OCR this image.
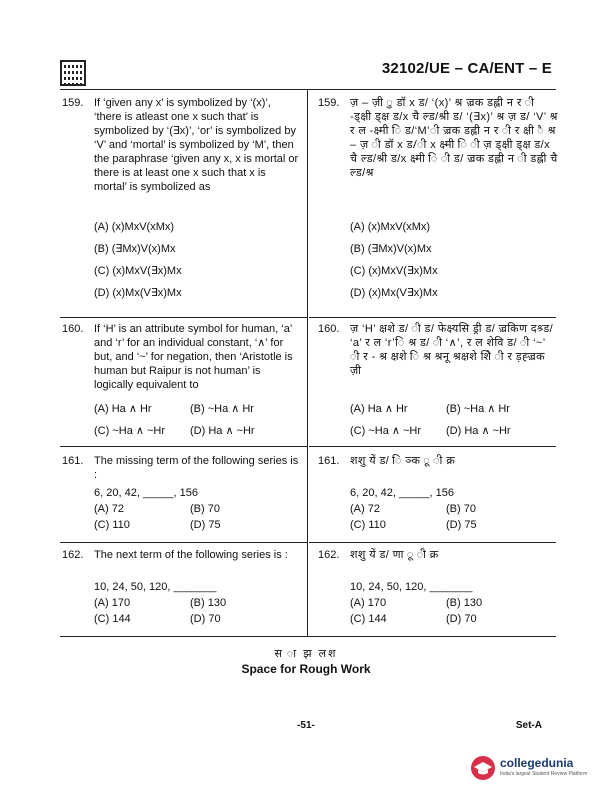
32102/UE – CA/ENT – E
159. If ‘given any x’ is symbolized by ‘(x)’, ‘there is atleast one x such that’ is symbolized by ‘(∃x)’, ‘or’ is symbolized by ‘V’ and ‘mortal’ is symbolized by ‘M’, then the paraphrase ‘given any x, x is mortal or there is at least one x such that x is mortal’ is symbolized as
(A) (x)MxV(xMx)
(B) (∃Mx)V(x)Mx
(C) (x)MxV(∃x)Mx
(D) (x)Mx(V∃x)Mx
159. ज़ – ज़ी ु डॉ x ड/ ‘(x)’ श्र ज़्रक डह्ली न र ी ‑ड्क्षी ड्क्ष ड/x चै ल्ड/श्री ड/ ‘(∃x)’ श्र ज़ ड/ ‘V’ श्र र ल ‑क्ष्मी ि ड/‘M’ी ज़्रक डह्ली न र ी र क्षी ै श्र – ज़ ी डॉ x ड/ी x क्ष्मी ि ी ज़ ड्क्षी ड्क्ष ड/x चै ल्ड/श्री ड/x क्ष्मी ि ी ड/ ज़्रक डह्ली न ी डह्ली चै ल्ड/श्र
(A) (x)MxV(xMx)
(B) (∃Mx)V(x)Mx
(C) (x)MxV(∃x)Mx
(D) (x)Mx(V∃x)Mx
160. If ‘H’ is an attribute symbol for human, ‘a’ and ‘r’ for an individual constant, ‘∧’ for but, and ‘~’ for negation, then ‘Aristotle is human but Raipur is not human’ is logically equivalent to
(A) Ha ∧ Hr	(B) ~Ha ∧ Hr
(C) ~Ha ∧ ~Hr (D) Ha ∧ ~Hr
160. ज़ ‘H’ क्षशे ड/ ी ड/ फेक्ष्यसि ड्री ड/ ज़्रकिण दश्र्ड/ ‘a’ र ल ‘r’ि श्र ड/ ी ‘∧’, र ल शेवि ड/ ी ‘~’ ी र ‑ श्र क्षशे ि श्र श्रनू श्रक्षशे शेि ी र ड़ह्ज़्रक ज़ी
(A) Ha ∧ Hr	(B) ~Ha ∧ Hr
(C) ~Ha ∧ ~Hr (D) Ha ∧ ~Hr
161. The missing term of the following series is :
6, 20, 42, _____, 156
(A) 72	(B) 70
(C) 110	(D) 75
161. शशु यें ड/ ि ञ्क ू ी क्र
6, 20, 42, _____, 156
(A) 72	(B) 70
(C) 110	(D) 75
162. The next term of the following series is :
10, 24, 50, 120, _______
(A) 170	(B) 130
(C) 144	(D) 70
162. शशु यें ड/ णा ू ी क्र
10, 24, 50, 120, _______
(A) 170	(B) 130
(C) 144	(D) 70
स ा झ लश
Space for Rough Work
-51-	Set-A
collegedunia
India's largest Student Review Platform
